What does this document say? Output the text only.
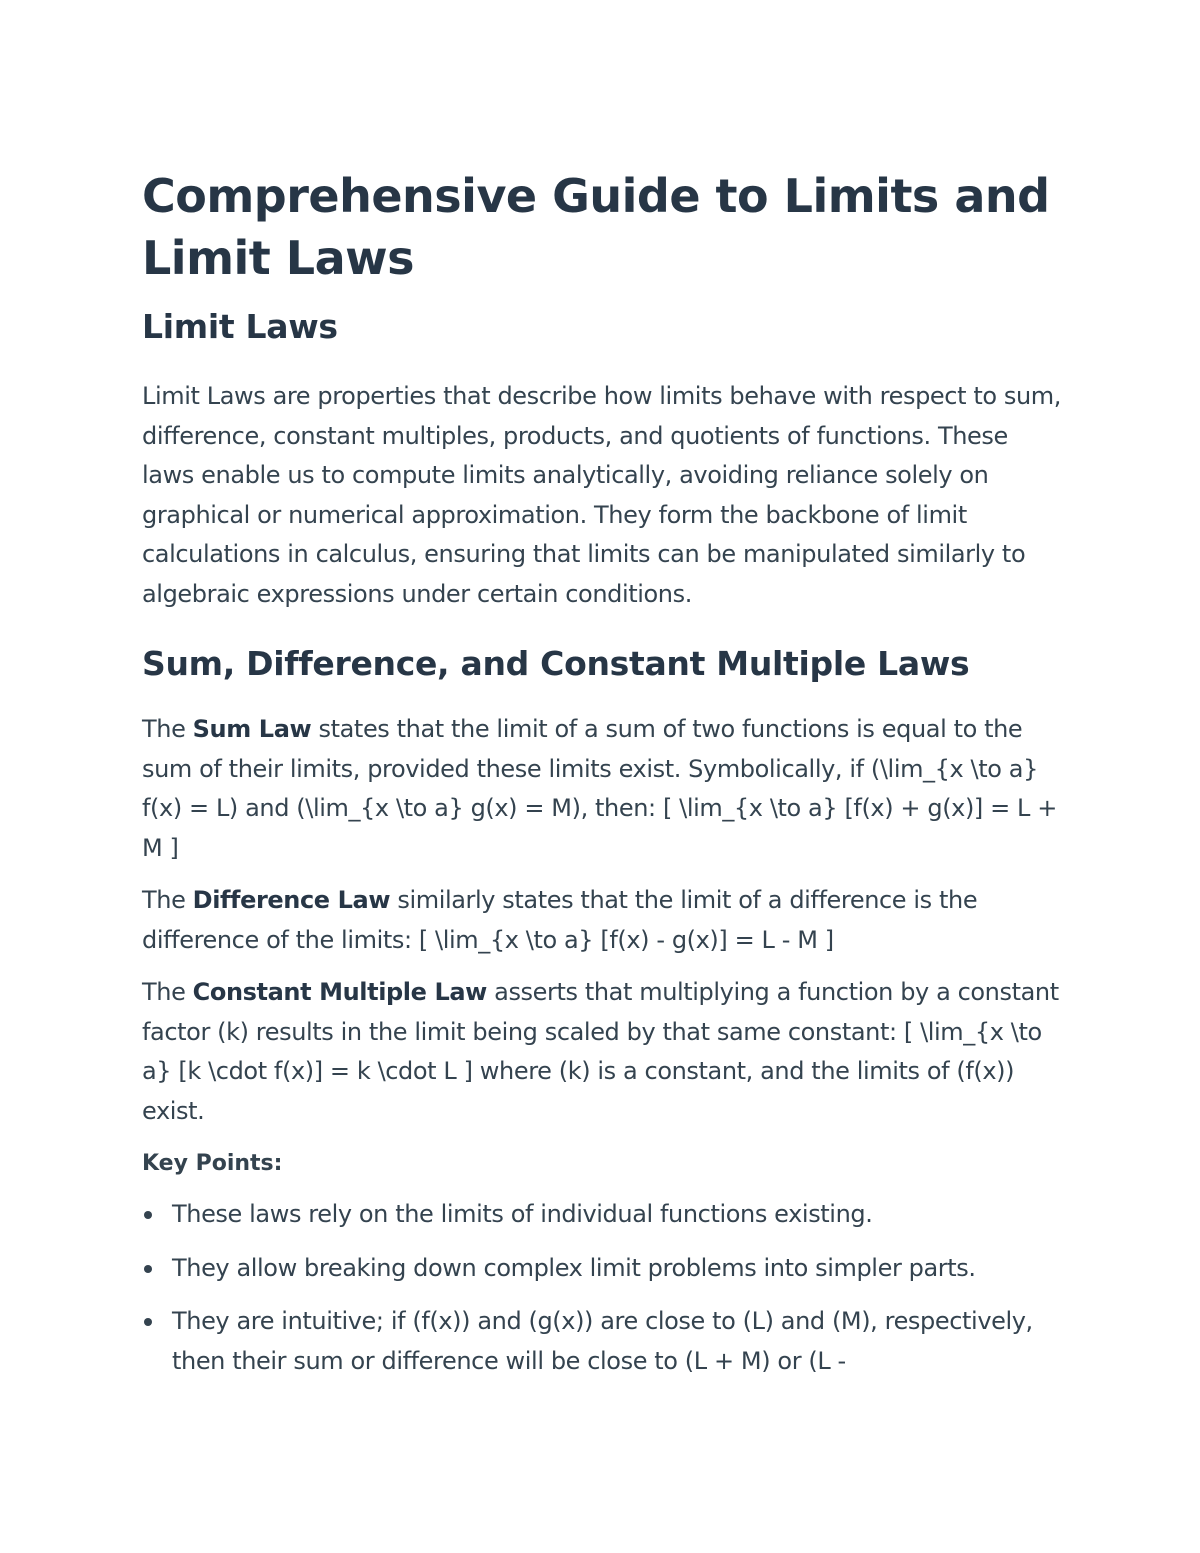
Comprehensive Guide to Limits and Limit Laws
Limit Laws

Limit Laws are properties that describe how limits behave with respect to sum, difference, constant multiples, products, and quotients of functions. These laws enable us to compute limits analytically, avoiding reliance solely on graphical or numerical approximation. They form the backbone of limit calculations in calculus, ensuring that limits can be manipulated similarly to algebraic expressions under certain conditions.

Sum, Difference, and Constant Multiple Laws

The Sum Law states that the limit of a sum of two functions is equal to the sum of their limits, provided these limits exist. Symbolically, if (\lim_{x \to a} f(x) = L) and (\lim_{x \to a} g(x) = M), then: [ \lim_{x \to a} [f(x) + g(x)] = L + M ]

The Difference Law similarly states that the limit of a difference is the difference of the limits: [ \lim_{x \to a} [f(x) - g(x)] = L - M ]

The Constant Multiple Law asserts that multiplying a function by a constant factor (k) results in the limit being scaled by that same constant: [ \lim_{x \to a} [k \cdot f(x)] = k \cdot L ] where (k) is a constant, and the limits of (f(x)) exist.

Key Points:
These laws rely on the limits of individual functions existing.
They allow breaking down complex limit problems into simpler parts.
They are intuitive; if (f(x)) and (g(x)) are close to (L) and (M), respectively, then their sum or difference will be close to (L + M) or (L -
